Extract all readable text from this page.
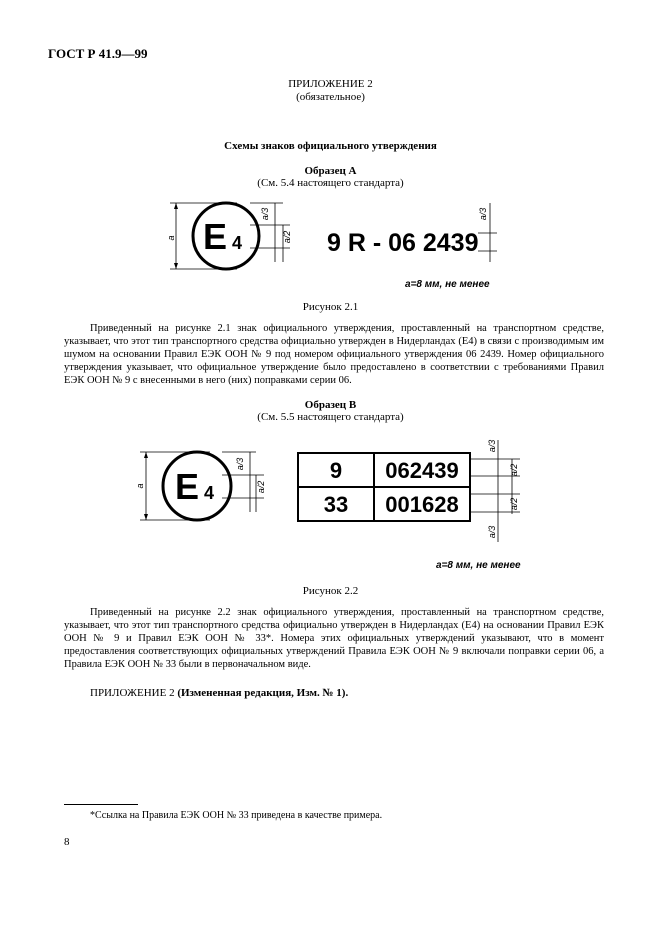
ГОСТ Р 41.9—99
ПРИЛОЖЕНИЕ 2
(обязательное)
Схемы знаков официального утверждения
Образец А
(См. 5.4 настоящего стандарта)
a E 4
a/3
a/2 9 R - 06 2439
a/3
a=8 мм, не менее
Рисунок 2.1
Приведенный на рисунке 2.1 знак официального утверждения, проставленный на транспортном средстве, указывает, что этот тип транспортного средства официально утвержден в Нидерландах (E4) в связи с производимым им шумом на основании Правил ЕЭК ООН № 9 под номером официального утверждения 06 2439. Номер официального утверждения указывает, что официальное утверждение было предоставлено в соответствии с требованиями Правил ЕЭК ООН № 9 с внесенными в него (них) поправками серии 06.
Образец В
(См. 5.5 настоящего стандарта)
a E 4
a/3
a/2
9 062439
33 001628
a/3
a/2
a/2
a/3
a=8 мм, не менее
Рисунок 2.2
Приведенный на рисунке 2.2 знак официального утверждения, проставленный на транспортном средстве, указывает, что этот тип транспортного средства официально утвержден в Нидерландах (E4) на основании Правил ЕЭК ООН № 9 и Правил ЕЭК ООН № 33*. Номера этих официальных утверждений указывают, что в момент предоставления соответствующих официальных утверждений Правила ЕЭК ООН № 9 включали поправки серии 06, а Правила ЕЭК ООН № 33 были в первоначальном виде.
ПРИЛОЖЕНИЕ 2 (Измененная редакция, Изм. № 1).
*Ссылка на Правила ЕЭК ООН № 33 приведена в качестве примера.
8
